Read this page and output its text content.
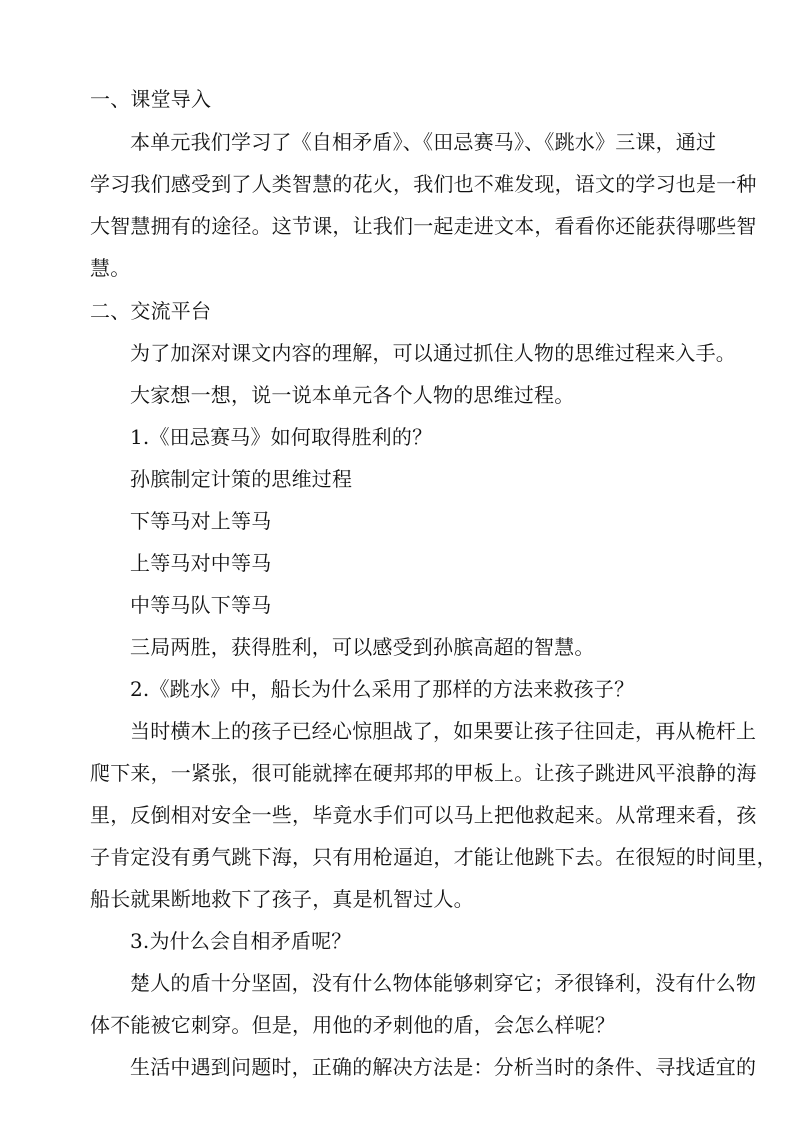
一、课堂导入
本单元我们学习了《自相矛盾》、《田忌赛马》、《跳水》三课，通过
学习我们感受到了人类智慧的花火，我们也不难发现，语文的学习也是一种
大智慧拥有的途径。这节课，让我们一起走进文本，看看你还能获得哪些智
慧。
二、交流平台
为了加深对课文内容的理解，可以通过抓住人物的思维过程来入手。
大家想一想，说一说本单元各个人物的思维过程。
1.《田忌赛马》如何取得胜利的？
孙膑制定计策的思维过程
下等马对上等马
上等马对中等马
中等马队下等马
三局两胜，获得胜利，可以感受到孙膑高超的智慧。
2.《跳水》中，船长为什么采用了那样的方法来救孩子？
当时横木上的孩子已经心惊胆战了，如果要让孩子往回走，再从桅杆上
爬下来，一紧张，很可能就摔在硬邦邦的甲板上。让孩子跳进风平浪静的海
里，反倒相对安全一些，毕竟水手们可以马上把他救起来。从常理来看，孩
子肯定没有勇气跳下海，只有用枪逼迫，才能让他跳下去。在很短的时间里，
船长就果断地救下了孩子，真是机智过人。
3.为什么会自相矛盾呢？
楚人的盾十分坚固，没有什么物体能够刺穿它；矛很锋利，没有什么物
体不能被它刺穿。但是，用他的矛刺他的盾，会怎么样呢？
生活中遇到问题时，正确的解决方法是：分析当时的条件、寻找适宜的
